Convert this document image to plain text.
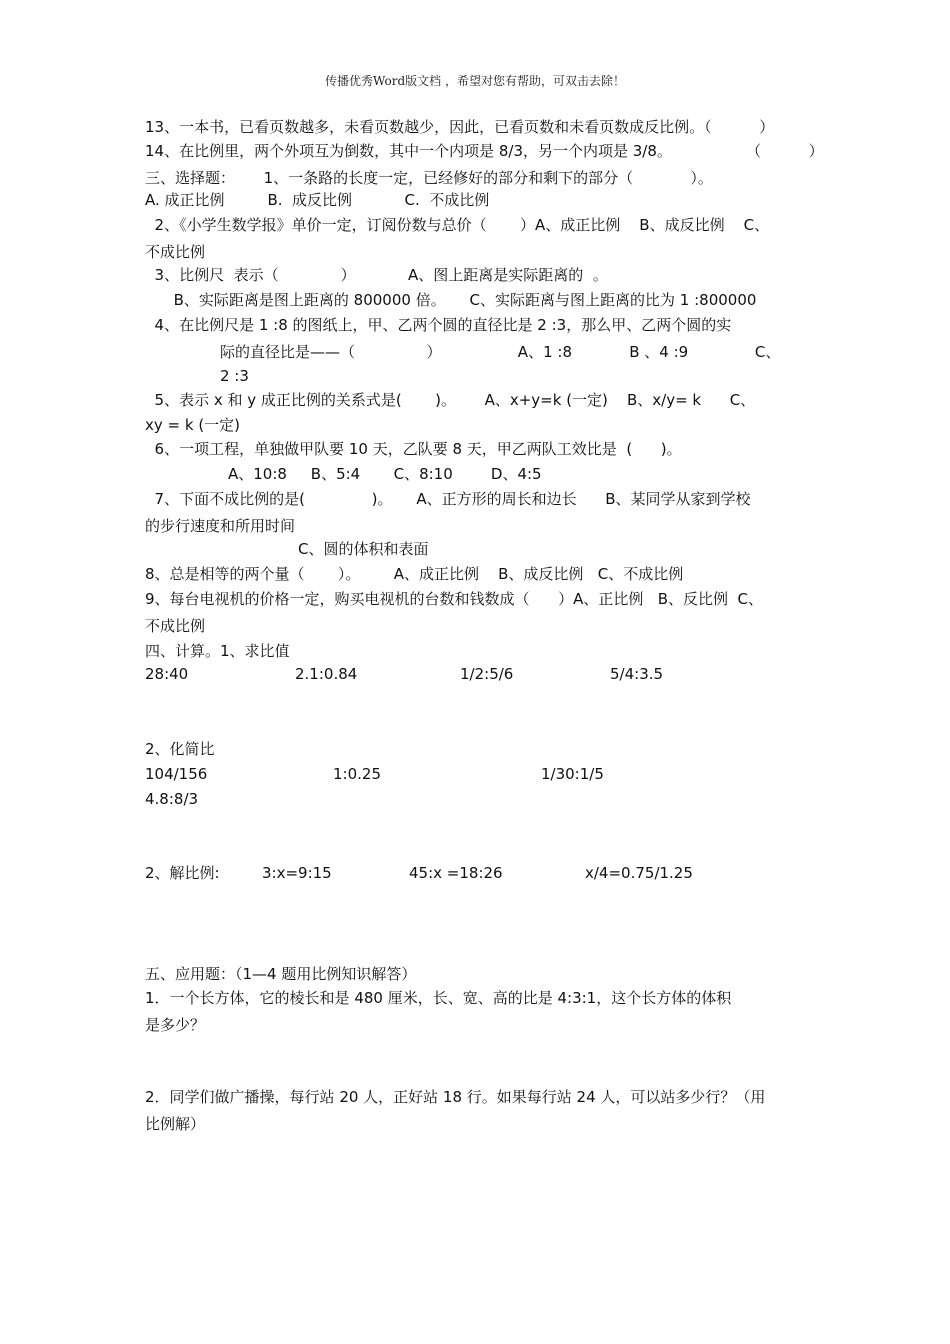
传播优秀Word版文档 ，希望对您有帮助，可双击去除！
13、一本书，已看页数越多，未看页数越少，因此，已看页数和未看页数成反比例。（          ）
14、在比例里，两个外项互为倒数，其中一个内项是 8/3，另一个内项是 3/8。	（          ）
三、选择题：      1、一条路的长度一定，已经修好的部分和剩下的部分（            ）。
A. 成正比例         B.  成反比例           C.  不成比例
2、《小学生数学报》单价一定，订阅份数与总价（       ）A、成正比例    B、成反比例    C、
不成比例
3、比例尺  表示（             ）           A、图上距离是实际距离的  。
B、实际距离是图上距离的 800000 倍。     C、实际距离与图上距离的比为 1 :800000
4、在比例尺是 1 :8 的图纸上，甲、乙两个圆的直径比是 2 :3，那么甲、乙两个圆的实
际的直径比是——（               ）                A、1 :8            B 、4 :9              C、
2 :3
5、表示 x 和 y 成正比例的关系式是(       )。      A、x+y=k (一定)    B、x/y= k      C、
xy = k (一定)
6、一项工程，单独做甲队要 10 天，乙队要 8 天，甲乙两队工效比是  (      )。
A、10:8     B、5:4       C、8:10        D、4:5
7、下面不成比例的是(              )。     A、正方形的周长和边长      B、某同学从家到学校
的步行速度和所用时间
C、圆的体积和表面
8、总是相等的两个量（       ）。       A、成正比例    B、成反比例   C、不成比例
9、每台电视机的价格一定，购买电视机的台数和钱数成（      ）A、正比例   B、反比例  C、
不成比例
四、计算。1、求比值
28:40	2.1:0.84	1/2:5/6	5/4:3.5
2、化简比
104/156	1:0.25	1/30:1/5
4.8:8/3
2、解比例:	3:x=9:15	45:x =18:26	x/4=0.75/1.25
五、应用题：（1—4 题用比例知识解答）
1．一个长方体，它的棱长和是 480 厘米，长、宽、高的比是 4:3:1，这个长方体的体积
是多少？
2．同学们做广播操，每行站 20 人，正好站 18 行。如果每行站 24 人，可以站多少行？（用
比例解）
